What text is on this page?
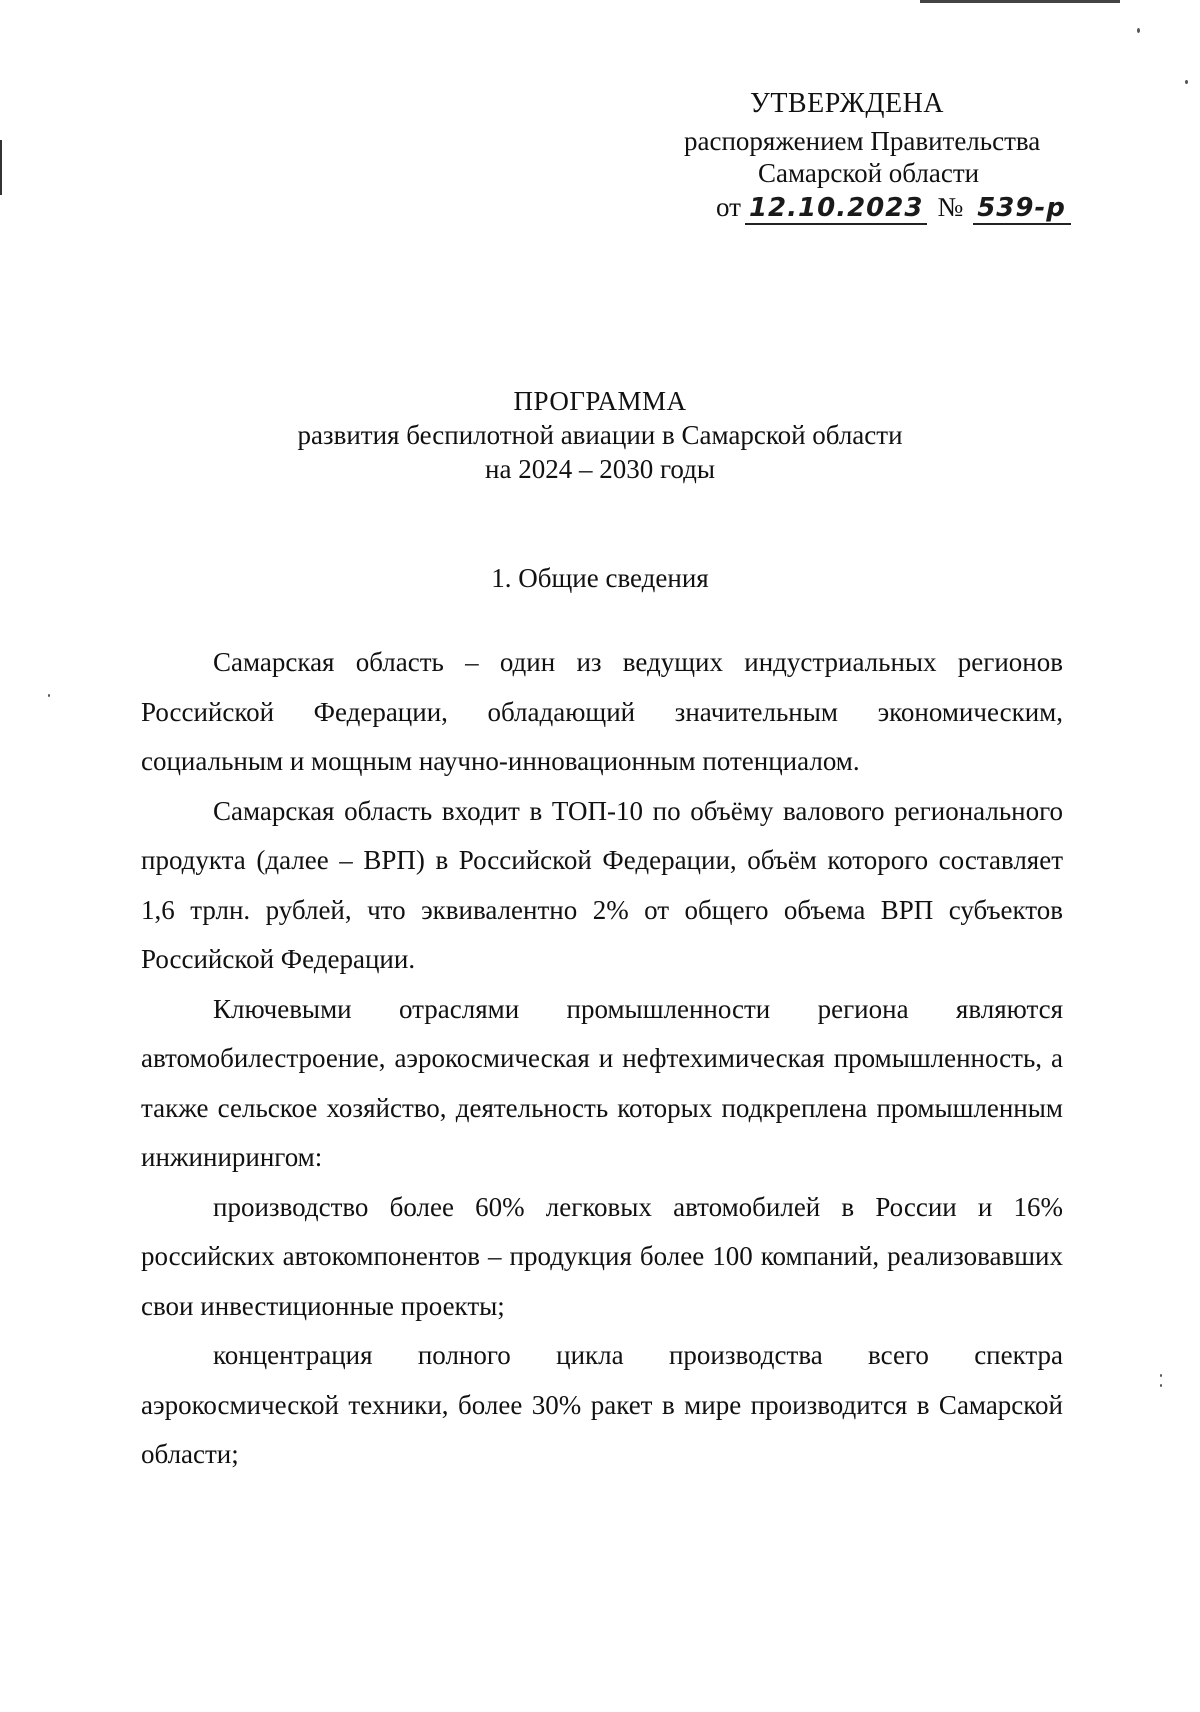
УТВЕРЖДЕНА

распоряжением Правительства

Самарской области

от 12.10.2023 № 539-р
ПРОГРАММА
развития беспилотной авиации в Самарской области
на 2024 – 2030 годы
1. Общие сведения

Самарская область – один из ведущих индустриальных регионов Российской Федерации, обладающий значительным экономическим, социальным и мощным научно-инновационным потенциалом.

Самарская область входит в ТОП-10 по объёму валового регионального продукта (далее – ВРП) в Российской Федерации, объём которого составляет 1,6 трлн. рублей, что эквивалентно 2% от общего объема ВРП субъектов Российской Федерации.

Ключевыми отраслями промышленности региона являются автомобилестроение, аэрокосмическая и нефтехимическая промышленность, а также сельское хозяйство, деятельность которых подкреплена промышленным инжинирингом:

производство более 60% легковых автомобилей в России и 16% российских автокомпонентов – продукция более 100 компаний, реализовавших свои инвестиционные проекты;

концентрация полного цикла производства всего спектра аэрокосмической техники, более 30% ракет в мире производится в Самарской области;
